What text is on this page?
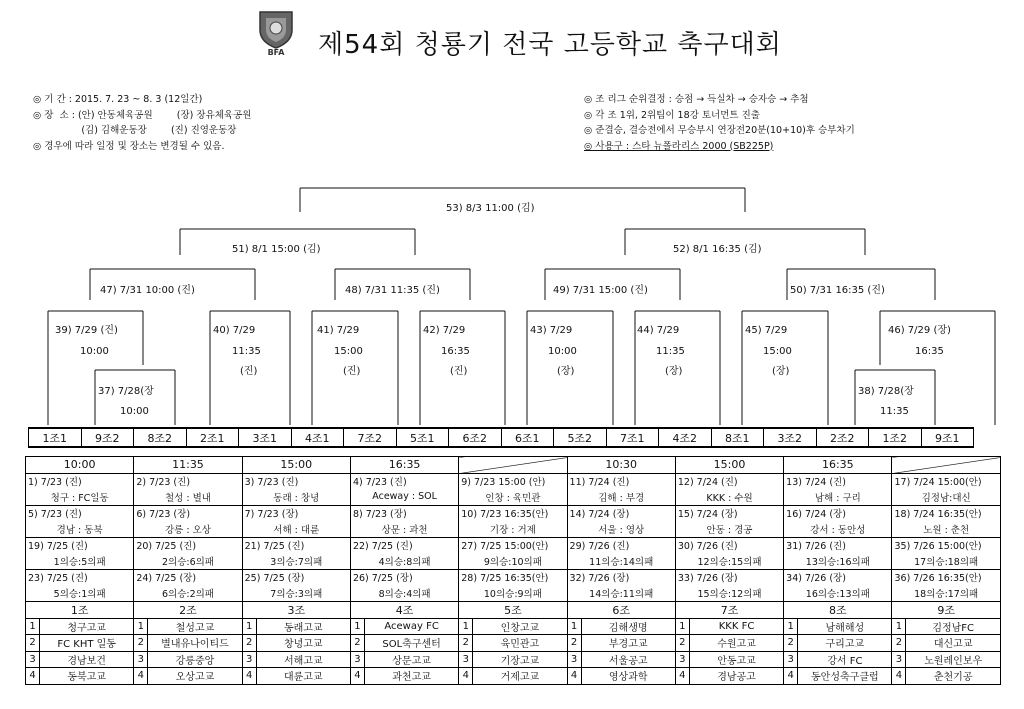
BFA 제54회 청룡기 전국 고등학교 축구대회
◎ 기 간 : 2015. 7. 23 ~ 8. 3 (12일간)
◎ 장  소 : (안) 안동체육공원        (장) 장유체육공원
(김) 김해운동장        (진) 진영운동장
◎ 경우에 따라 일정 및 장소는 변경될 수 있음.
◎ 조 리그 순위결정 : 승점 → 득실차 → 승자승 → 추첨
◎ 각 조 1위, 2위팀이 18강 토너먼트 진출
◎ 준결승, 결승전에서 무승부시 연장전20분(10+10)후 승부차기
◎ 사용구 : 스타 뉴폴라리스 2000 (SB225P)
53) 8/3 11:00 (김)
51) 8/1 15:00 (김)	52) 8/1 16:35 (김)
47) 7/31 10:00 (진)	48) 7/31 11:35 (진)	49) 7/31 15:00 (진)	50) 7/31 16:35 (진)
39) 7/29 (진)
10:00
40) 7/29
11:35
(진)
41) 7/29
15:00
(진)
42) 7/29
16:35
(진)
43) 7/29
10:00
(장)
44) 7/29
11:35
(장)
45) 7/29
15:00
(장)
46) 7/29 (장)
16:35
37) 7/28(장
10:00
38) 7/28(장
11:35
1조1	9조2	8조2	2조1	3조1	4조1	7조2	5조1	6조2	6조1	5조2	7조1	4조2	8조1	3조2	2조2	1조2	9조1
10:00		11:35		15:00		16:35				10:30		15:00		16:35			
1) 7/23 (진)		2) 7/23 (진)		3) 7/23 (진)		4) 7/23 (진)		9) 7/23 15:00 (안)		11) 7/24 (진)		12) 7/24 (진)		13) 7/24 (진)		17) 7/24 15:00(안)	
청구 : FC일동		철성 : 별내		동래 : 창녕		Aceway : SOL		인창 : 육민관		김해 : 부경		KKK : 수원		남해 : 구리		김정남:대신	
5) 7/23 (진)		6) 7/23 (장)		7) 7/23 (장)		8) 7/23 (장)		10) 7/23 16:35(안)		14) 7/24 (장)		15) 7/24 (장)		16) 7/24 (장)		18) 7/24 16:35(안)	
경남 : 동북		강릉 : 오상		서해 : 대륜		상문 : 과천		기장 : 거제		서울 : 영상		안동 : 경공		강서 : 동안성		노원 : 춘천	
19) 7/25 (진)		20) 7/25 (진)		21) 7/25 (진)		22) 7/25 (진)		27) 7/25 15:00(안)		29) 7/26 (진)		30) 7/26 (진)		31) 7/26 (진)		35) 7/26 15:00(안)	
1의승:5의패		2의승:6의패		3의승:7의패		4의승:8의패		9의승:10의패		11의승:14의패		12의승:15의패		13의승:16의패		17의승:18의패	
23) 7/25 (진)		24) 7/25 (장)		25) 7/25 (장)		26) 7/25 (장)		28) 7/25 16:35(안)		32) 7/26 (장)		33) 7/26 (장)		34) 7/26 (장)		36) 7/26 16:35(안)	
5의승:1의패		6의승:2의패		7의승:3의패		8의승:4의패		10의승:9의패		14의승:11의패		15의승:12의패		16의승:13의패		18의승:17의패	
1조		2조		3조		4조		5조		6조		7조		8조		9조	
1	청구고교	1	철성고교	1	동래고교	1	Aceway FC	1	인창고교	1	김해생명	1	KKK FC	1	남해해성	1	김정남FC
2	FC KHT 일동	2	별내유나이티드	2	창녕고교	2	SOL축구센터	2	육민관고	2	부경고교	2	수원고교	2	구리고교	2	대신고교
3	경남보건	3	강릉중앙	3	서해고교	3	상문고교	3	기장고교	3	서울공고	3	안동고교	3	강서 FC	3	노원레인보우
4	동북고교	4	오상고교	4	대륜고교	4	과천고교	4	거제고교	4	영상과학	4	경남공고	4	동안성축구클럽	4	춘천기공
